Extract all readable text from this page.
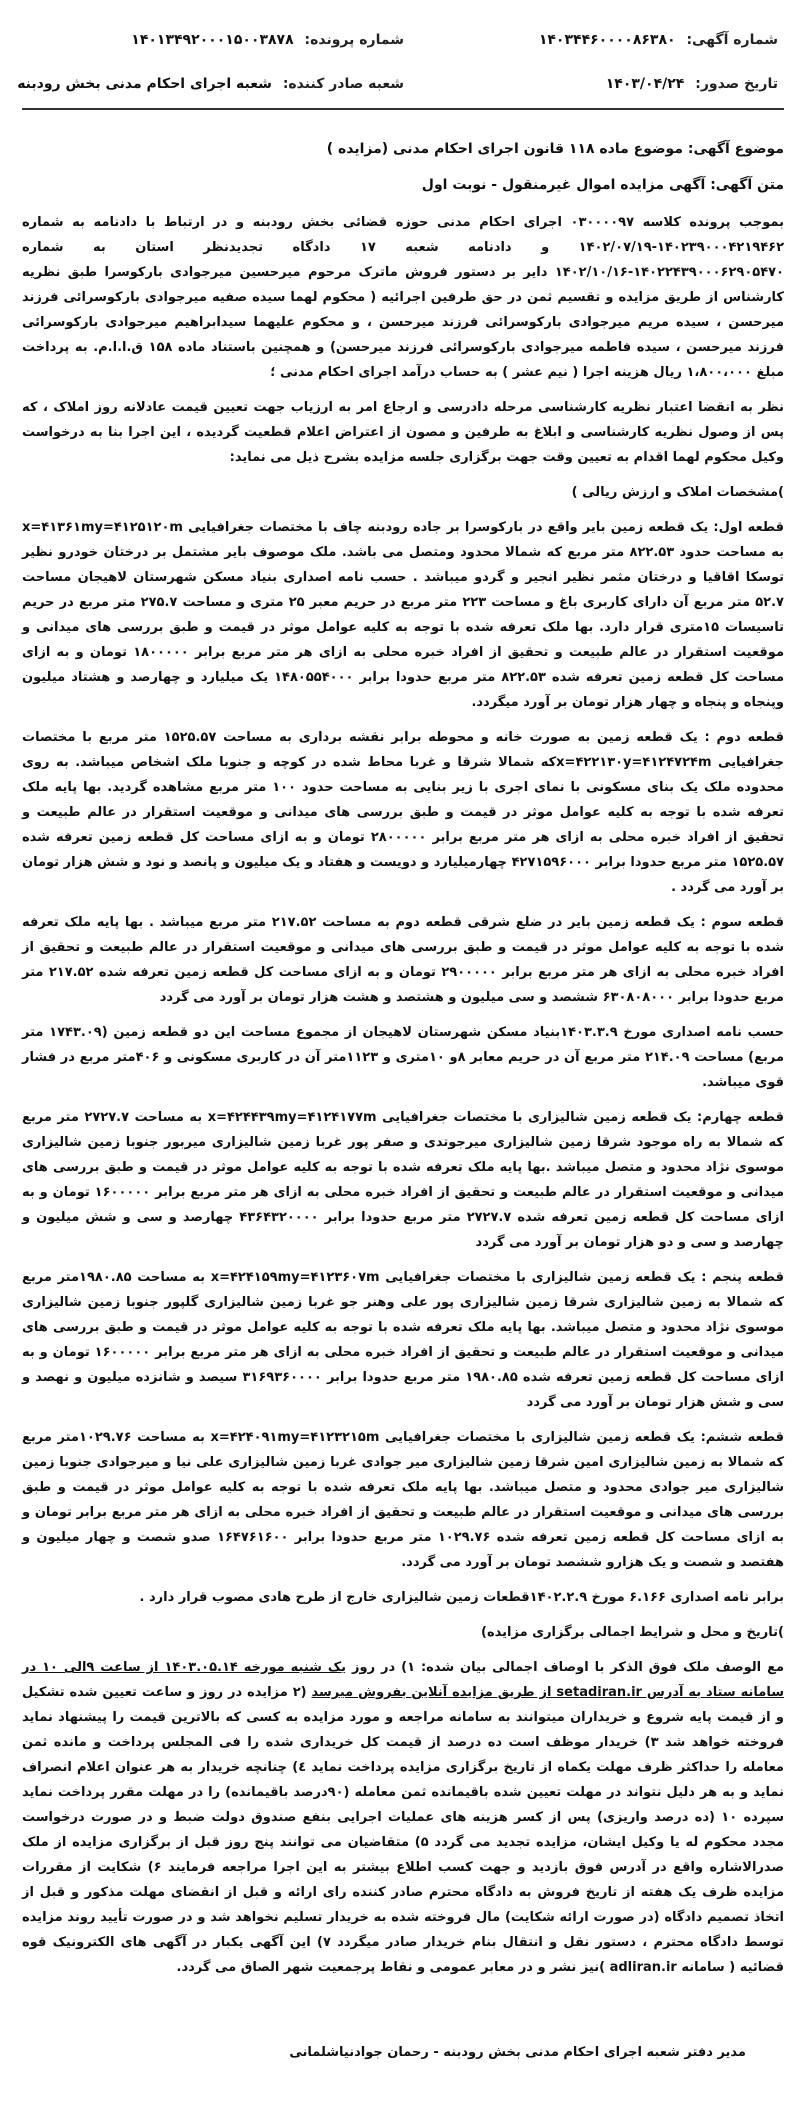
شماره آگهی: ۱۴۰۳۴۴۶۰۰۰۰۸۶۳۸۰
تاریخ صدور: ۱۴۰۳/۰۴/۲۴
شماره پرونده: ۱۴۰۱۳۴۹۲۰۰۰۱۵۰۰۳۸۷۸
شعبه صادر کننده: شعبه اجرای احکام مدنی بخش رودبنه
موضوع آگهی: موضوع ماده ۱۱۸ قانون اجرای احکام مدنی (مزایده )
متن آگهی: آگهی مزایده اموال غیرمنقول - نوبت اول

بموجب پرونده کلاسه ۰۳۰۰۰۰۹۷ اجرای احکام مدنی حوزه قضائی بخش رودبنه و در ارتباط با دادنامه به شماره ۱۴۰۲۳۹۰۰۰۴۲۱۹۴۶۲-۱۴۰۲/۰۷/۱۹ و دادنامه شعبه ۱۷ دادگاه تجدیدنظر استان به شماره ۱۴۰۲۲۴۳۹۰۰۰۶۲۹۰۵۴۷۰-۱۴۰۲/۱۰/۱۶ دایر بر دستور فروش ماترک مرحوم میرحسین میرجوادی بارکوسرا طبق نظریه کارشناس از طریق مزایده و تقسیم ثمن در حق طرفین اجرائیه ( محکوم لهما سیده صفیه میرجوادی بارکوسرائی فرزند میرحسن ، سیده مریم میرجوادی بارکوسرائی فرزند میرحسن ، و محکوم علیهما سیدابراهیم میرجوادی بارکوسرائی فرزند میرحسن ، سیده فاطمه میرجوادی بارکوسرائی فرزند میرحسن) و همچنین باستناد ماده ۱۵۸ ق.ا.ا.م. به پرداخت مبلغ ۱،۸۰۰،۰۰۰ ریال هزینه اجرا ( نیم عشر ) به حساب درآمد اجرای احکام مدنی ؛

نظر به انقضا اعتبار نظریه کارشناسی مرحله دادرسی و ارجاع امر به ارزیاب جهت تعیین قیمت عادلانه روز املاک ، که پس از وصول نظریه کارشناسی و ابلاغ به طرفین و مصون از اعتراض اعلام قطعیت گردیده ، این اجرا بنا به درخواست وکیل محکوم لهما اقدام به تعیین وقت جهت برگزاری جلسه مزایده بشرح ذیل می نماید:

)مشخصات املاک و ارزش ریالی )

قطعه اول: یک قطعه زمین بایر واقع در بارکوسرا بر جاده رودبنه چاف با مختصات جغرافیایی x=۴۱۳۶۱my=۴۱۲۵۱۲۰m به مساحت حدود ۸۲۲.۵۳ متر مربع که شمالا محدود ومتصل می باشد. ملک موصوف بایر مشتمل بر درختان خودرو نظیر توسکا اقاقیا و درختان مثمر نظیر انجیر و گردو میباشد . حسب نامه اصداری بنیاد مسکن شهرستان لاهیجان مساحت ۵۲.۷ متر مربع آن دارای کاربری باغ و مساحت ۲۲۳ متر مربع در حریم معبر ۲۵ متری و مساحت ۲۷۵.۷ متر مربع در حریم تاسیسات ۱۵متری قرار دارد. بها ملک تعرفه شده با توجه به کلیه عوامل موثر در قیمت و طبق بررسی های میدانی و موقعیت استقرار در عالم طبیعت و تحقیق از افراد خبره محلی به ازای هر متر مربع برابر ۱۸۰۰۰۰۰ تومان و به ازای مساحت کل قطعه زمین تعرفه شده ۸۲۲.۵۳ متر مربع حدودا برابر ۱۴۸۰۵۵۴۰۰۰ یک میلیارد و چهارصد و هشتاد میلیون وپنجاه و پنجاه و چهار هزار تومان بر آورد میگردد.

قطعه دوم : یک قطعه زمین به صورت خانه و محوطه برابر نقشه برداری به مساحت ۱۵۲۵.۵۷ متر مربع با مختصات جغرافیایی x=۴۲۲۱۳۰y=۴۱۲۴۷۲۴mکه شمالا شرقا و غربا محاط شده در کوچه و جنوبا ملک اشخاص میباشد. به روی محدوده ملک یک بنای مسکونی با نمای اجری با زیر بنایی به مساحت حدود ۱۰۰ متر مربع مشاهده گردید. بها پایه ملک تعرفه شده با توجه به کلیه عوامل موثر در قیمت و طبق بررسی های میدانی و موقعیت استقرار در عالم طبیعت و تحقیق از افراد خبره محلی به ازای هر متر مربع برابر ۲۸۰۰۰۰۰ تومان و به ازای مساحت کل قطعه زمین تعرفه شده ۱۵۲۵.۵۷ متر مربع حدودا برابر ۴۲۷۱۵۹۶۰۰۰ چهارمیلیارد و دویست و هفتاد و یک میلیون و پانصد و نود و شش هزار تومان بر آورد می گردد .

قطعه سوم : یک قطعه زمین بایر در ضلع شرقی قطعه دوم به مساحت ۲۱۷.۵۲ متر مربع میباشد . بها پایه ملک تعرفه شده با توجه به کلیه عوامل موثر در قیمت و طبق بررسی های میدانی و موقعیت استقرار در عالم طبیعت و تحقیق از افراد خبره محلی به ازای هر متر مربع برابر ۲۹۰۰۰۰۰ تومان و به ازای مساحت کل قطعه زمین تعرفه شده ۲۱۷.۵۲ متر مربع حدودا برابر ۶۳۰۸۰۸۰۰۰ ششصد و سی میلیون و هشتصد و هشت هزار تومان بر آورد می گردد

حسب نامه اصداری مورخ ۱۴۰۳.۳.۹بنیاد مسکن شهرستان لاهیجان از مجموع مساحت این دو قطعه زمین (۱۷۴۳.۰۹ متر مربع) مساحت ۲۱۴.۰۹ متر مربع آن در حریم معابر ۸و ۱۰متری و ۱۱۲۳متر آن در کاربری مسکونی و ۴۰۶متر مربع در فشار قوی میباشد.

قطعه چهارم: یک قطعه زمین شالیزاری با مختصات جغرافیایی x=۴۲۴۴۳۹my=۴۱۲۴۱۷۷m به مساحت ۲۷۲۷.۷ متر مربع که شمالا به راه موجود شرقا زمین شالیزاری میرجوتدی و صفر پور غربا زمین شالیزاری میربور جنوبا زمین شالیزاری موسوی نژاد محدود و متصل میباشد .بها پایه ملک تعرفه شده با توجه به کلیه عوامل موثر در قیمت و طبق بررسی های میدانی و موقعیت استقرار در عالم طبیعت و تحقیق از افراد خبره محلی به ازای هر متر مربع برابر ۱۶۰۰۰۰۰ تومان و به ازای مساحت کل قطعه زمین تعرفه شده ۲۷۲۷.۷ متر مربع حدودا برابر ۴۳۶۴۳۲۰۰۰۰ چهارصد و سی و شش میلیون و چهارصد و سی و دو هزار تومان بر آورد می گردد

قطعه پنجم : یک قطعه زمین شالیزاری با مختصات جغرافیایی x=۴۲۴۱۵۹my=۴۱۲۳۶۰۷m به مساحت ۱۹۸۰.۸۵متر مربع که شمالا به زمین شالیزاری شرقا زمین شالیزاری پور علی وهنر جو غربا زمین شالیزاری گلپور جنوبا زمین شالیزاری موسوی نژاد محدود و متصل میباشد. بها پایه ملک تعرفه شده با توجه به کلیه عوامل موثر در قیمت و طبق بررسی های میدانی و موقعیت استقرار در عالم طبیعت و تحقیق از افراد خبره محلی به ازای هر متر مربع برابر ۱۶۰۰۰۰۰ تومان و به ازای مساحت کل قطعه زمین تعرفه شده ۱۹۸۰.۸۵ متر مربع حدودا برابر ۳۱۶۹۳۶۰۰۰۰ سیصد و شانزده میلیون و نهصد و سی و شش هزار تومان بر آورد می گردد

قطعه ششم: یک قطعه زمین شالیزاری با مختصات جغرافیایی x=۴۲۴۰۹۱my=۴۱۲۳۲۱۵m به مساحت ۱۰۲۹.۷۶متر مربع که شمالا به زمین شالیزاری امین شرقا زمین شالیزاری میر جوادی غربا زمین شالیزاری علی نیا و میرجوادی جنوبا زمین شالیزاری میر جوادی محدود و متصل میباشد. بها پایه ملک تعرفه شده با توجه به کلیه عوامل موثر در قیمت و طبق بررسی های میدانی و موقعیت استقرار در عالم طبیعت و تحقیق از افراد خبره محلی به ازای هر متر مربع برابر تومان و به ازای مساحت کل قطعه زمین تعرفه شده ۱۰۲۹.۷۶ متر مربع حدودا برابر ۱۶۴۷۶۱۶۰۰ صدو شصت و چهار میلیون و هفتصد و شصت و یک هزارو ششصد تومان بر آورد می گردد.

برابر نامه اصداری ۶.۱۶۶ مورخ ۱۴۰۲.۲.۹قطعات زمین شالیزاری خارج از طرح هادی مصوب قرار دارد .

)تاریخ و محل و شرایط اجمالی برگزاری مزایده)

مع الوصف ملک فوق الذکر با اوصاف اجمالی بیان شده: ۱) در روز یک شنبه مورخه ۱۴۰۳.۰۵.۱۴ از ساعت ۹الی ۱۰ در سامانه ستاد به آدرس setadiran.ir از طریق مزایده آنلاین بفروش میرسد (۲ مزایده در روز و ساعت تعیین شده تشکیل و از قیمت پایه شروع و خریداران میتوانند به سامانه مراجعه و مورد مزایده به کسی که بالاترین قیمت را پیشنهاد نماید فروخته خواهد شد ۳) خریدار موظف است ده درصد از قیمت کل خریداری شده را فی المجلس پرداخت و مانده ثمن معامله را حداکثر ظرف مهلت یکماه از تاریخ برگزاری مزایده پرداخت نماید ٤) چنانچه خریدار به هر عنوان اعلام انصراف نماید و به هر دلیل نتواند در مهلت تعیین شده باقیمانده ثمن معامله (۹۰درصد باقیمانده) را در مهلت مقرر پرداخت نماید سپرده ۱۰ (ده درصد واریزی) پس از کسر هزینه های عملیات اجرایی بنفع صندوق دولت ضبط و در صورت درخواست مجدد محکوم له یا وکیل ایشان، مزایده تجدید می گردد ۵) متقاضیان می توانند پنج روز قبل از برگزاری مزایده از ملک صدرالاشاره واقع در آدرس فوق بازدید و جهت کسب اطلاع بیشتر به این اجرا مراجعه فرمایند ۶) شکایت از مقررات مزایده ظرف یک هفته از تاریخ فروش به دادگاه محترم صادر کننده رای ارائه و قبل از انقضای مهلت مذکور و قبل از اتخاذ تصمیم دادگاه (در صورت ارائه شکایت) مال فروخته شده به خریدار تسلیم نخواهد شد و در صورت تأیید روند مزایده توسط دادگاه محترم ، دستور نقل و انتقال بنام خریدار صادر میگردد ۷) این آگهی یکبار در آگهی های الکترونیک قوه قضائیه ( سامانه adliran.ir )نیز نشر و در معابر عمومی و نقاط پرجمعیت شهر الصاق می گردد.

مدیر دفتر شعبه اجرای احکام مدنی بخش رودبنه - رحمان جوادنیاشلمانی
